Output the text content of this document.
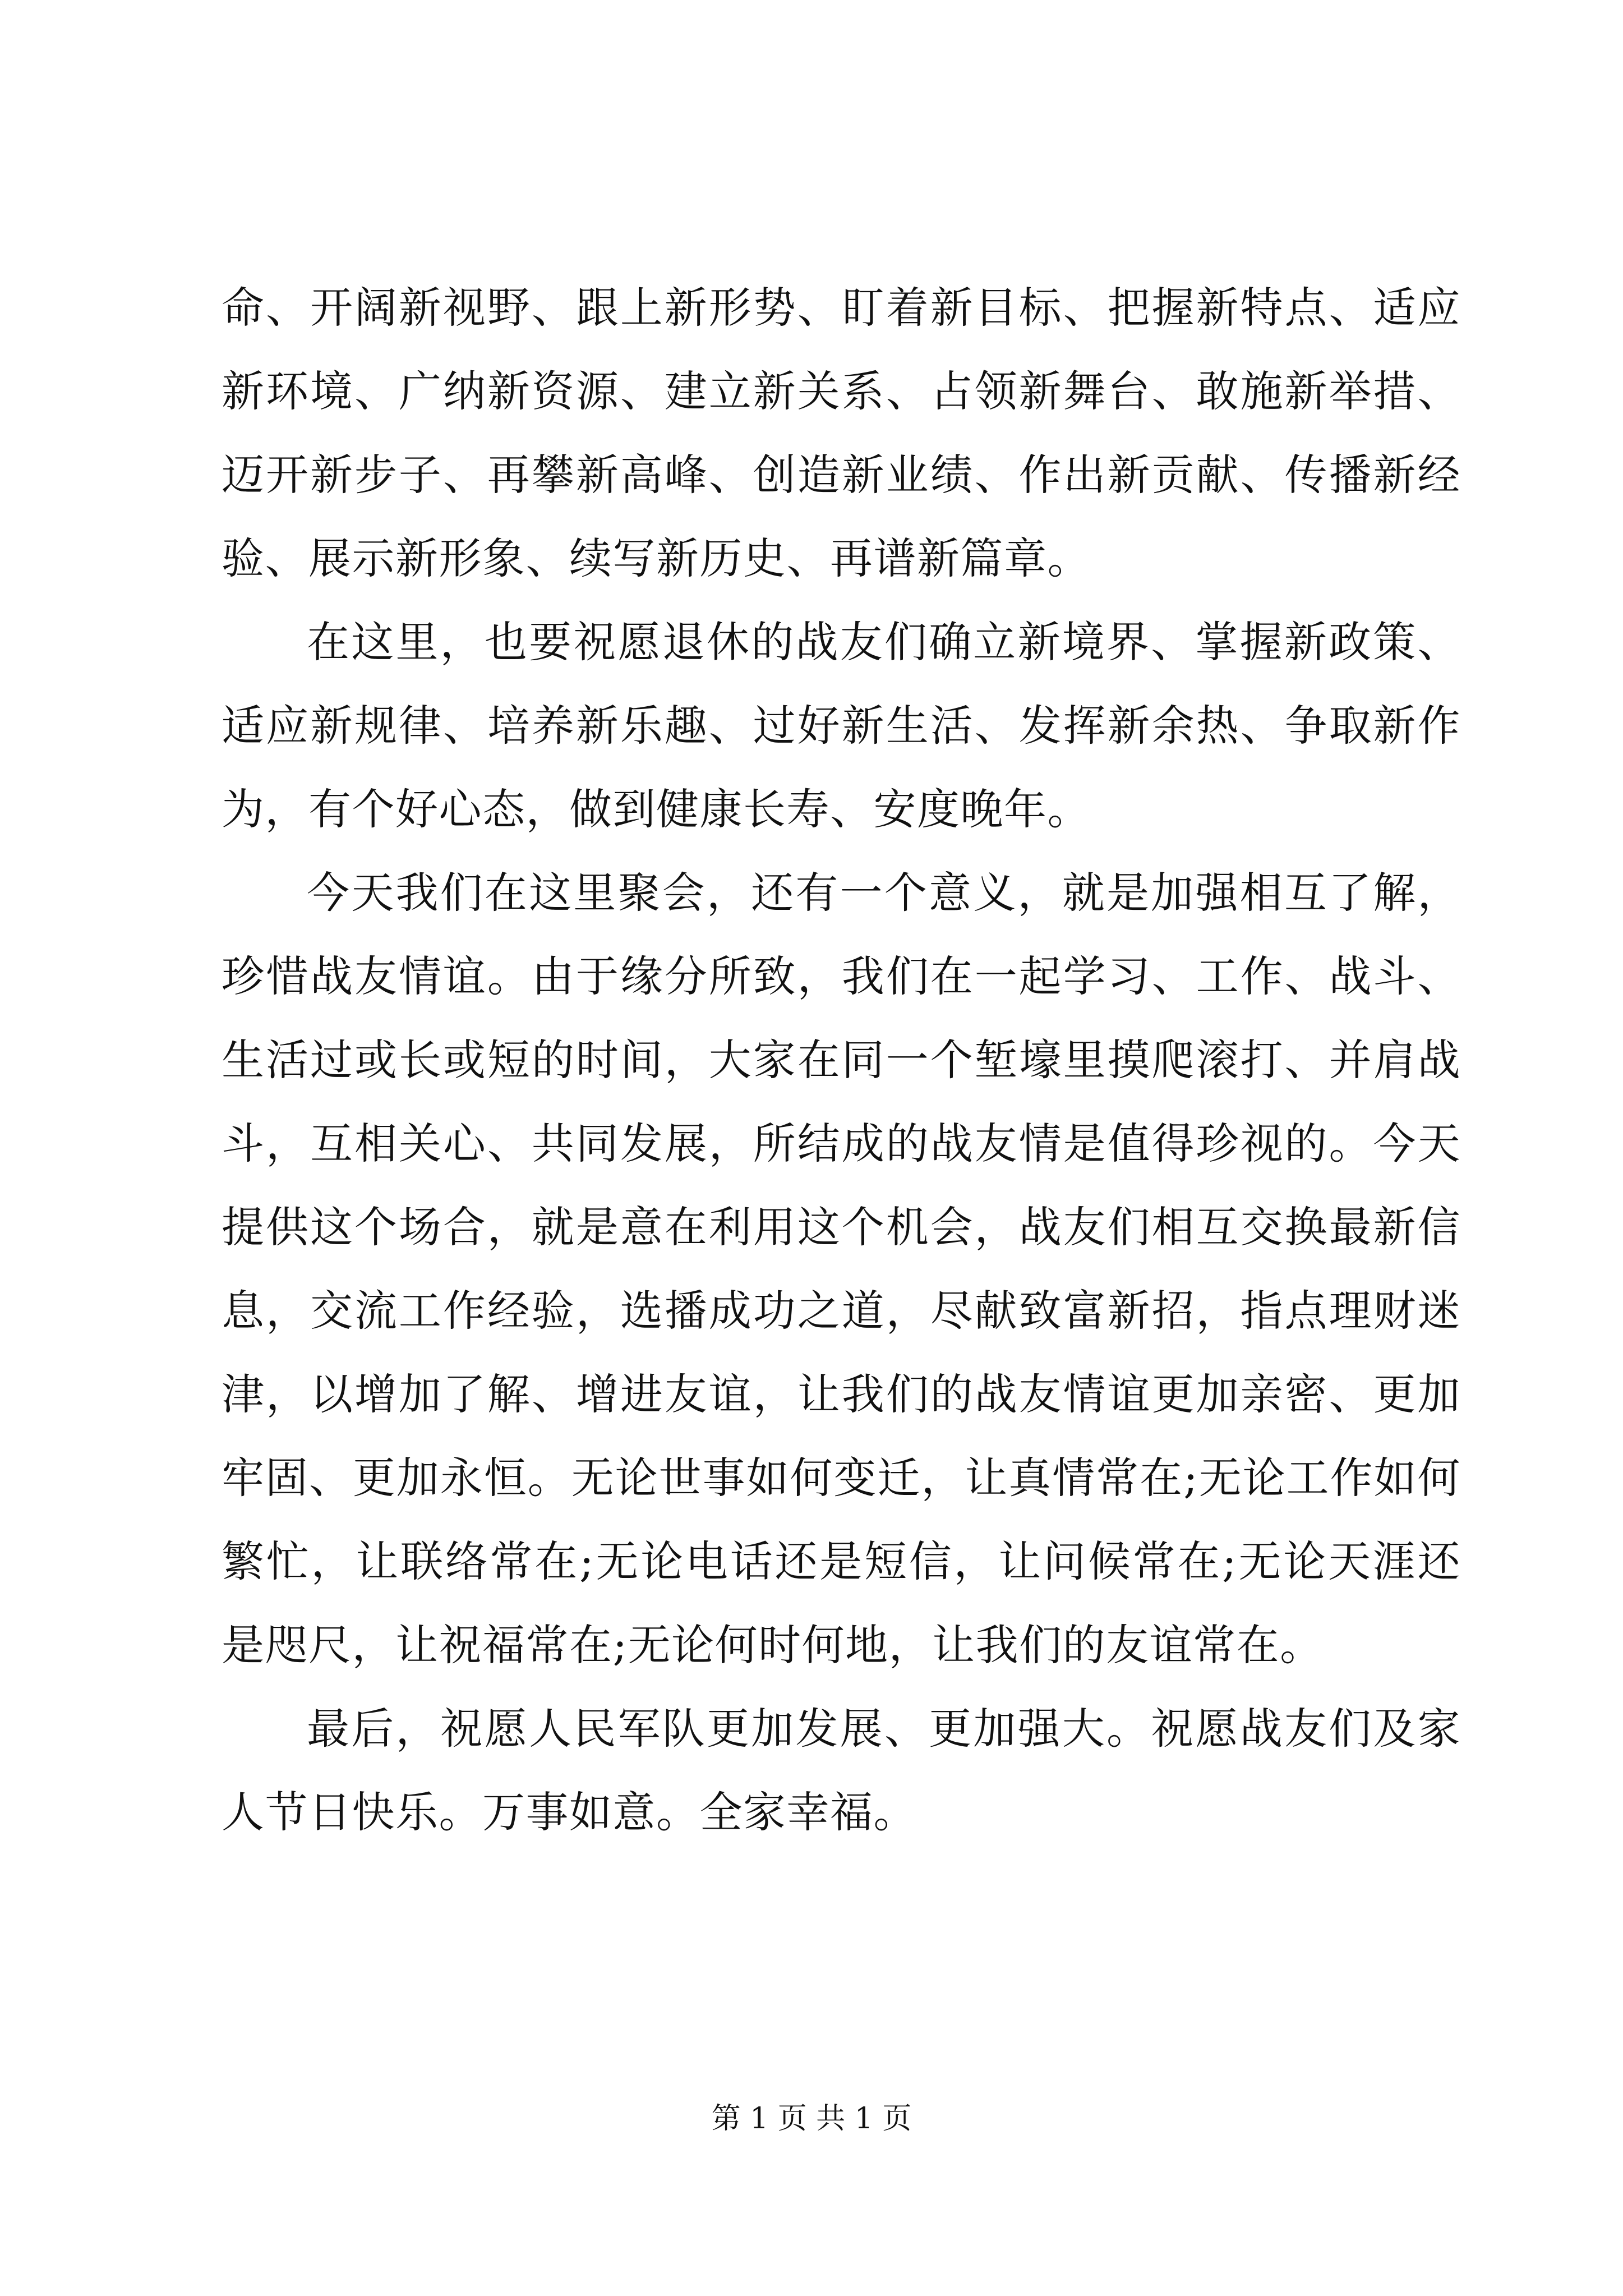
命、开阔新视野、跟上新形势、盯着新目标、把握新特点、适应新环境、广纳新资源、建立新关系、占领新舞台、敢施新举措、迈开新步子、再攀新高峰、创造新业绩、作出新贡献、传播新经验、展示新形象、续写新历史、再谱新篇章。

在这里，也要祝愿退休的战友们确立新境界、掌握新政策、适应新规律、培养新乐趣、过好新生活、发挥新余热、争取新作为，有个好心态，做到健康长寿、安度晚年。

今天我们在这里聚会，还有一个意义，就是加强相互了解，珍惜战友情谊。由于缘分所致，我们在一起学习、工作、战斗、生活过或长或短的时间，大家在同一个堑壕里摸爬滚打、并肩战斗，互相关心、共同发展，所结成的战友情是值得珍视的。今天提供这个场合，就是意在利用这个机会，战友们相互交换最新信息，交流工作经验，选播成功之道，尽献致富新招，指点理财迷津，以增加了解、增进友谊，让我们的战友情谊更加亲密、更加牢固、更加永恒。无论世事如何变迁，让真情常在;无论工作如何繁忙，让联络常在;无论电话还是短信，让问候常在;无论天涯还是咫尺，让祝福常在;无论何时何地，让我们的友谊常在。

最后，祝愿人民军队更加发展、更加强大。祝愿战友们及家人节日快乐。万事如意。全家幸福。

第 1 页 共 1 页
